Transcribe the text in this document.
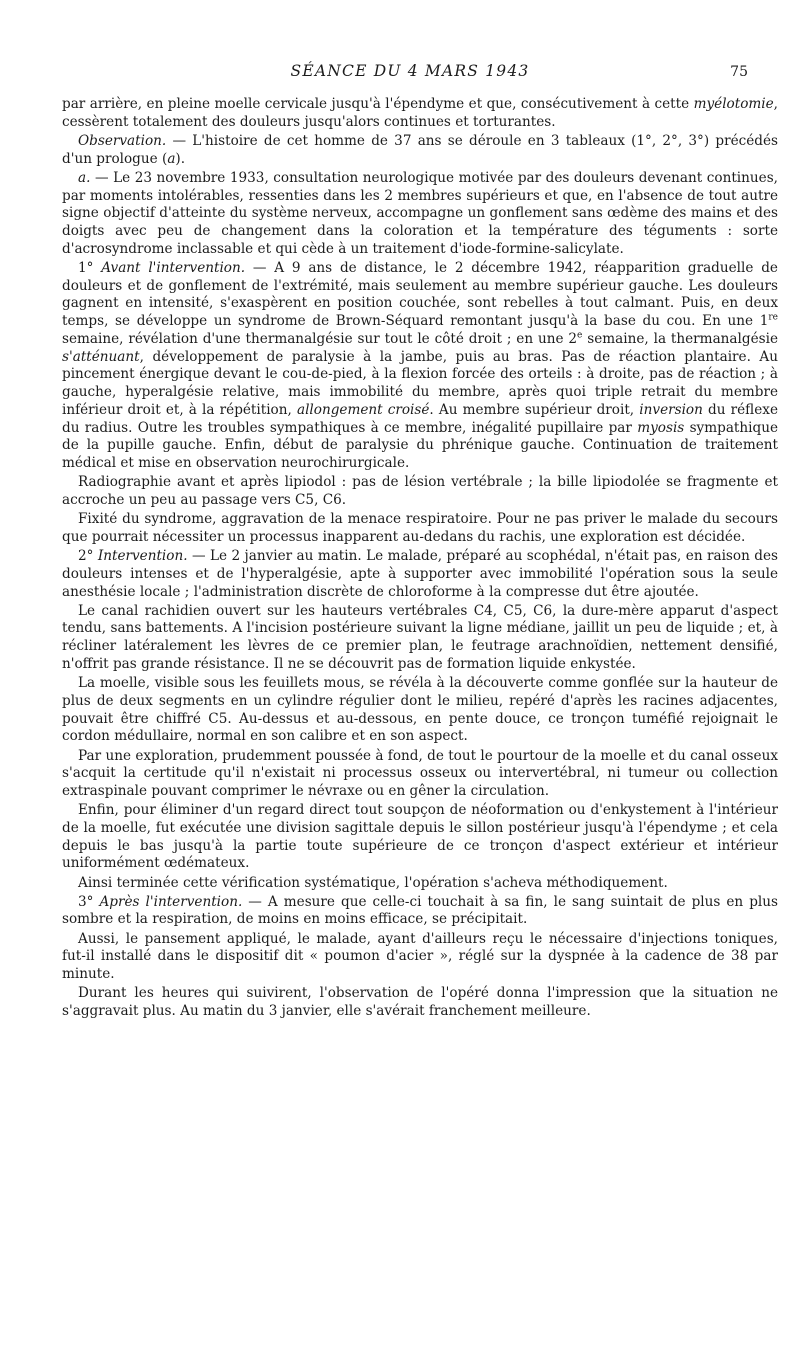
SÉANCE DU 4 MARS 1943	75

par arrière, en pleine moelle cervicale jusqu'à l'épendyme et que, consécutivement à cette myélotomie, cessèrent totalement des douleurs jusqu'alors continues et torturantes.

Observation. — L'histoire de cet homme de 37 ans se déroule en 3 tableaux (1°, 2°, 3°) précédés d'un prologue (a).

a. — Le 23 novembre 1933, consultation neurologique motivée par des douleurs devenant continues, par moments intolérables, ressenties dans les 2 membres supérieurs et que, en l'absence de tout autre signe objectif d'atteinte du système nerveux, accompagne un gonflement sans œdème des mains et des doigts avec peu de changement dans la coloration et la température des téguments : sorte d'acrosyndrome inclassable et qui cède à un traitement d'iode-formine-salicylate.

1° Avant l'intervention. — A 9 ans de distance, le 2 décembre 1942, réapparition graduelle de douleurs et de gonflement de l'extrémité, mais seulement au membre supérieur gauche. Les douleurs gagnent en intensité, s'exaspèrent en position couchée, sont rebelles à tout calmant. Puis, en deux temps, se développe un syndrome de Brown-Séquard remontant jusqu'à la base du cou. En une 1re semaine, révélation d'une thermanalgésie sur tout le côté droit ; en une 2e semaine, la thermanalgésie s'atténuant, développement de paralysie à la jambe, puis au bras. Pas de réaction plantaire. Au pincement énergique devant le cou-de-pied, à la flexion forcée des orteils : à droite, pas de réaction ; à gauche, hyperalgésie relative, mais immobilité du membre, après quoi triple retrait du membre inférieur droit et, à la répétition, allongement croisé. Au membre supérieur droit, inversion du réflexe du radius. Outre les troubles sympathiques à ce membre, inégalité pupillaire par myosis sympathique de la pupille gauche. Enfin, début de paralysie du phrénique gauche. Continuation de traitement médical et mise en observation neurochirurgicale.

Radiographie avant et après lipiodol : pas de lésion vertébrale ; la bille lipiodolée se fragmente et accroche un peu au passage vers C5, C6.

Fixité du syndrome, aggravation de la menace respiratoire. Pour ne pas priver le malade du secours que pourrait nécessiter un processus inapparent au-dedans du rachis, une exploration est décidée.

2° Intervention. — Le 2 janvier au matin. Le malade, préparé au scophédal, n'était pas, en raison des douleurs intenses et de l'hyperalgésie, apte à supporter avec immobilité l'opération sous la seule anesthésie locale ; l'administration discrète de chloroforme à la compresse dut être ajoutée.

Le canal rachidien ouvert sur les hauteurs vertébrales C4, C5, C6, la dure-mère apparut d'aspect tendu, sans battements. A l'incision postérieure suivant la ligne médiane, jaillit un peu de liquide ; et, à récliner latéralement les lèvres de ce premier plan, le feutrage arachnoïdien, nettement densifié, n'offrit pas grande résistance. Il ne se découvrit pas de formation liquide enkystée.

La moelle, visible sous les feuillets mous, se révéla à la découverte comme gonflée sur la hauteur de plus de deux segments en un cylindre régulier dont le milieu, repéré d'après les racines adjacentes, pouvait être chiffré C5. Au-dessus et au-dessous, en pente douce, ce tronçon tuméfié rejoignait le cordon médullaire, normal en son calibre et en son aspect.

Par une exploration, prudemment poussée à fond, de tout le pourtour de la moelle et du canal osseux s'acquit la certitude qu'il n'existait ni processus osseux ou intervertébral, ni tumeur ou collection extraspinale pouvant comprimer le névraxe ou en gêner la circulation.

Enfin, pour éliminer d'un regard direct tout soupçon de néoformation ou d'enkystement à l'intérieur de la moelle, fut exécutée une division sagittale depuis le sillon postérieur jusqu'à l'épendyme ; et cela depuis le bas jusqu'à la partie toute supérieure de ce tronçon d'aspect extérieur et intérieur uniformément œdémateux.

Ainsi terminée cette vérification systématique, l'opération s'acheva méthodiquement.

3° Après l'intervention. — A mesure que celle-ci touchait à sa fin, le sang suintait de plus en plus sombre et la respiration, de moins en moins efficace, se précipitait.

Aussi, le pansement appliqué, le malade, ayant d'ailleurs reçu le nécessaire d'injections toniques, fut-il installé dans le dispositif dit « poumon d'acier », réglé sur la dyspnée à la cadence de 38 par minute.

Durant les heures qui suivirent, l'observation de l'opéré donna l'impression que la situation ne s'aggravait plus. Au matin du 3 janvier, elle s'avérait franchement meilleure.
